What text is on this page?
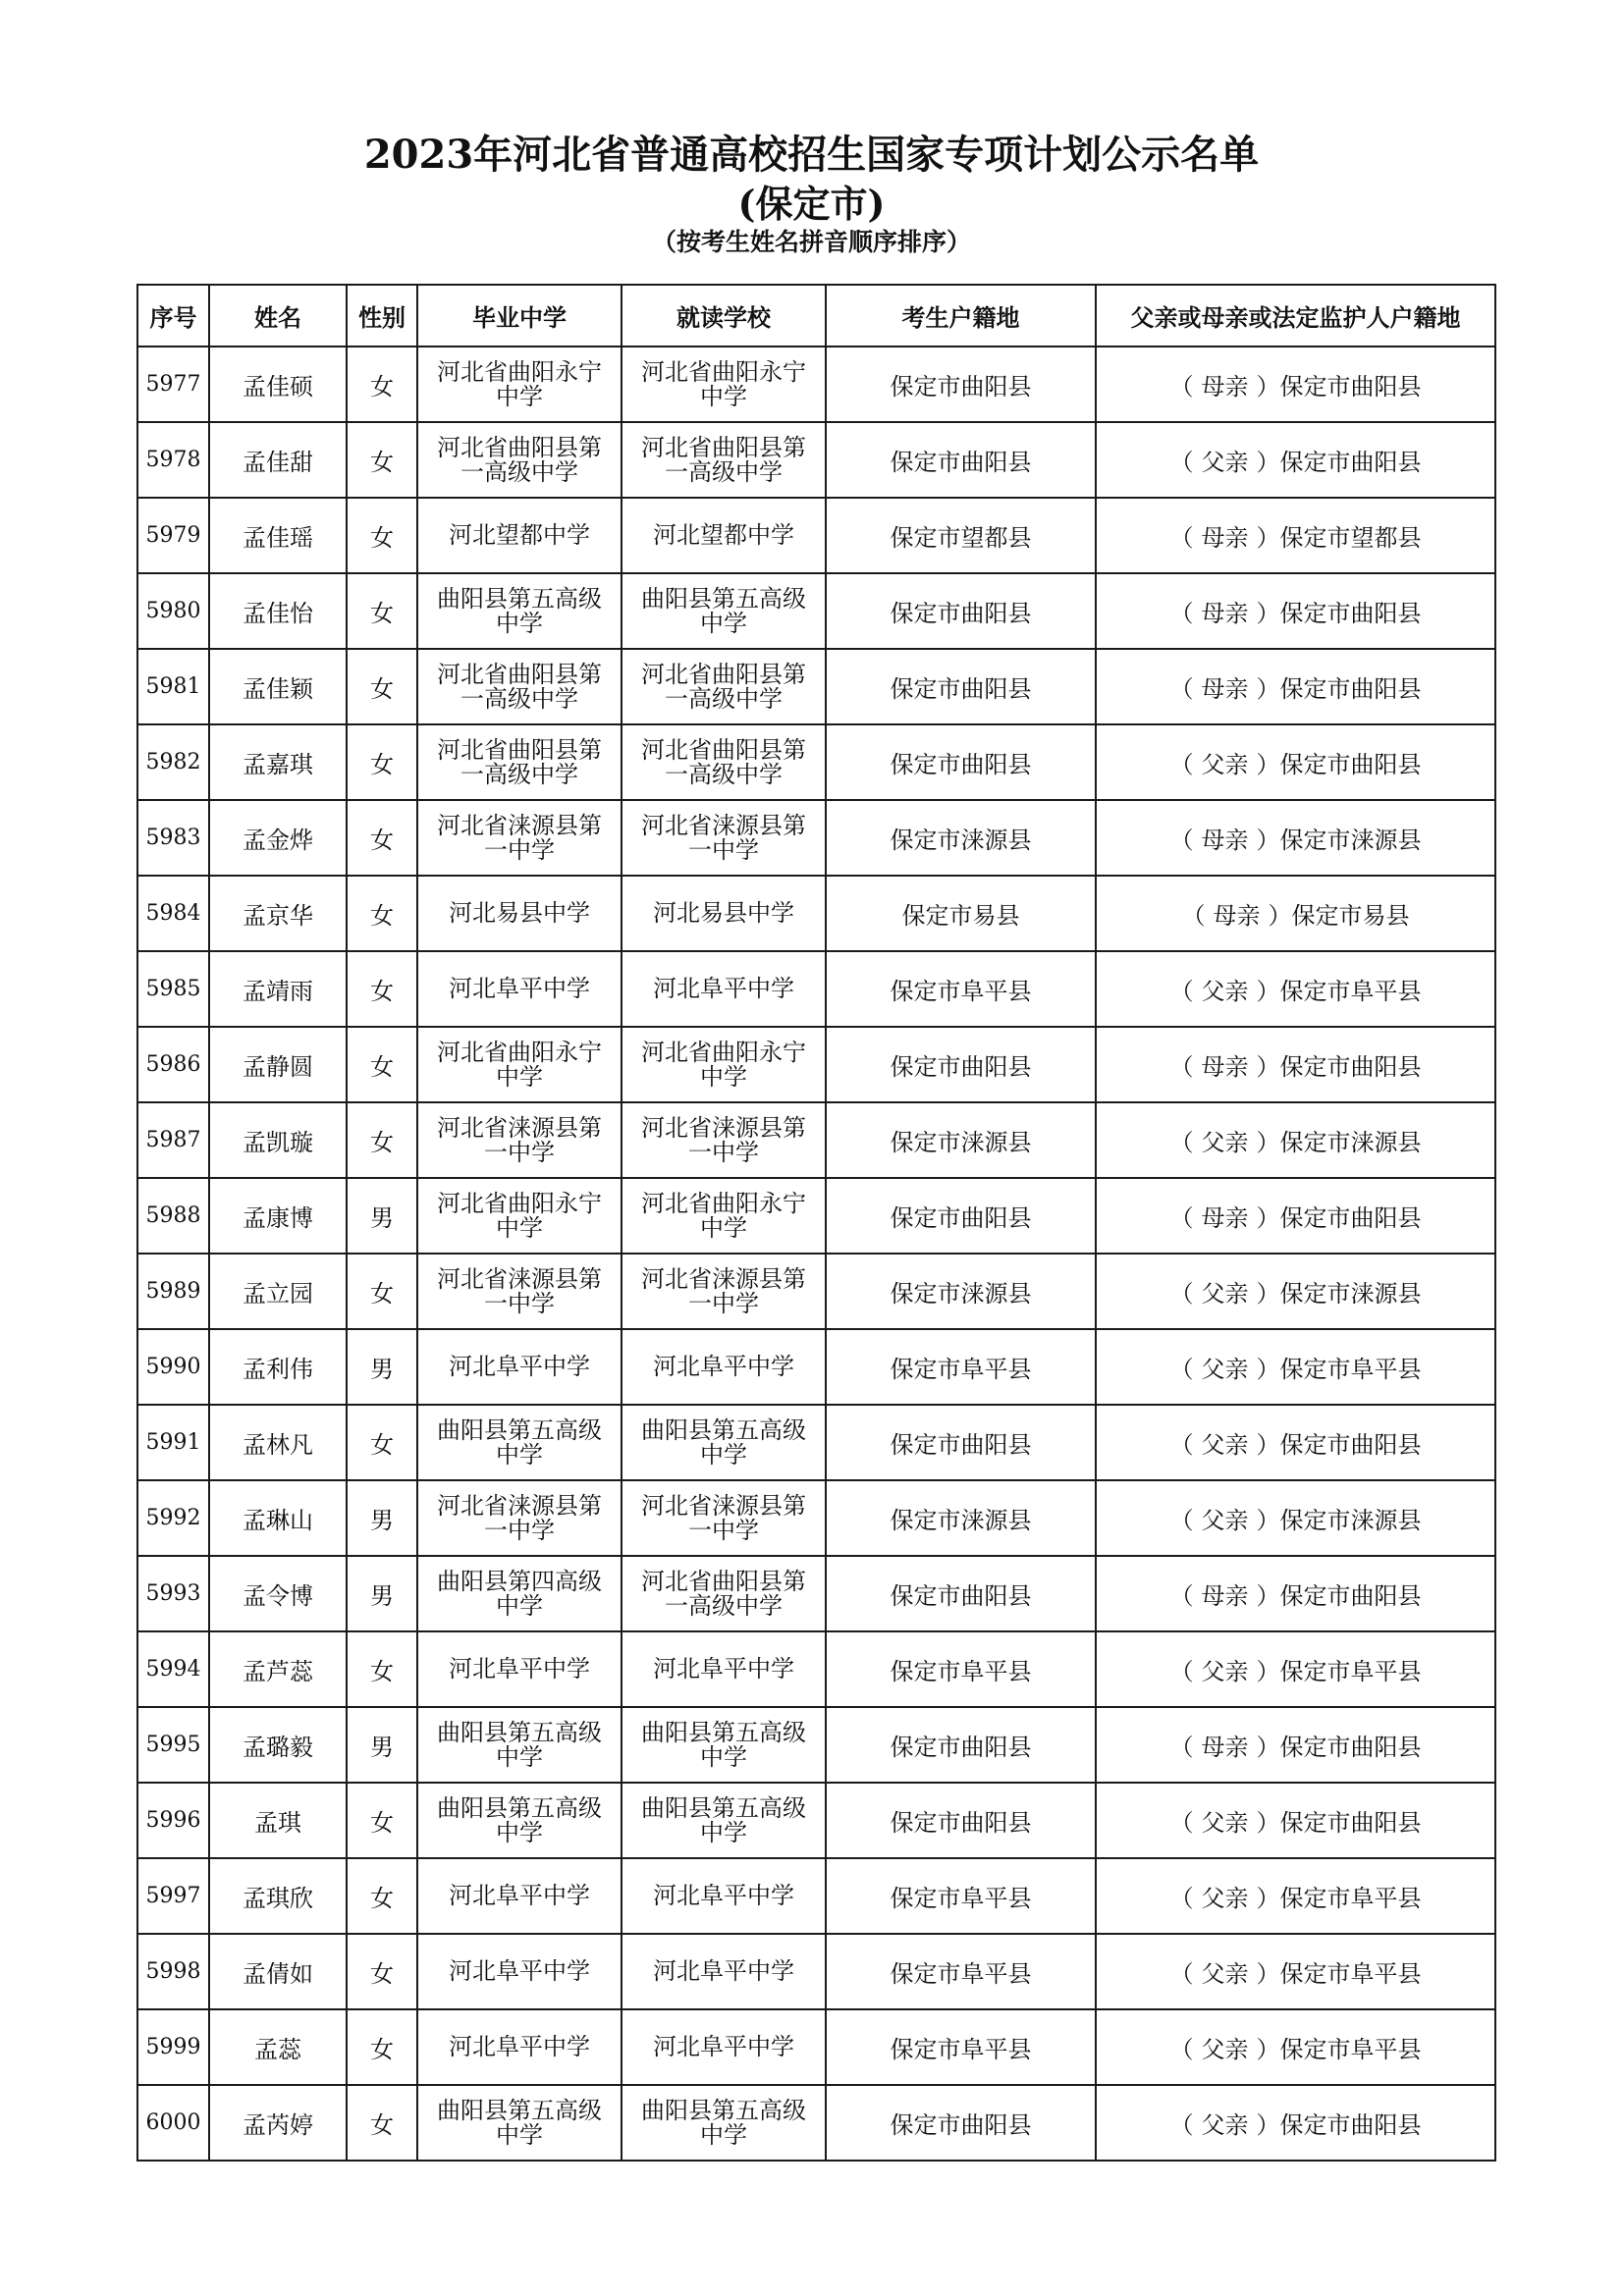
2023年河北省普通高校招生国家专项计划公示名单
(保定市)
（按考生姓名拼音顺序排序）
序号	姓名	性别	毕业中学	就读学校	考生户籍地	父亲或母亲或法定监护人户籍地
5977	孟佳硕	女	河北省曲阳永宁中学	河北省曲阳永宁中学	保定市曲阳县	（ 母亲 ）保定市曲阳县
5978	孟佳甜	女	河北省曲阳县第一高级中学	河北省曲阳县第一高级中学	保定市曲阳县	（ 父亲 ）保定市曲阳县
5979	孟佳瑶	女	河北望都中学	河北望都中学	保定市望都县	（ 母亲 ）保定市望都县
5980	孟佳怡	女	曲阳县第五高级中学	曲阳县第五高级中学	保定市曲阳县	（ 母亲 ）保定市曲阳县
5981	孟佳颖	女	河北省曲阳县第一高级中学	河北省曲阳县第一高级中学	保定市曲阳县	（ 母亲 ）保定市曲阳县
5982	孟嘉琪	女	河北省曲阳县第一高级中学	河北省曲阳县第一高级中学	保定市曲阳县	（ 父亲 ）保定市曲阳县
5983	孟金烨	女	河北省涞源县第一中学	河北省涞源县第一中学	保定市涞源县	（ 母亲 ）保定市涞源县
5984	孟京华	女	河北易县中学	河北易县中学	保定市易县	（ 母亲 ）保定市易县
5985	孟靖雨	女	河北阜平中学	河北阜平中学	保定市阜平县	（ 父亲 ）保定市阜平县
5986	孟静圆	女	河北省曲阳永宁中学	河北省曲阳永宁中学	保定市曲阳县	（ 母亲 ）保定市曲阳县
5987	孟凯璇	女	河北省涞源县第一中学	河北省涞源县第一中学	保定市涞源县	（ 父亲 ）保定市涞源县
5988	孟康博	男	河北省曲阳永宁中学	河北省曲阳永宁中学	保定市曲阳县	（ 母亲 ）保定市曲阳县
5989	孟立园	女	河北省涞源县第一中学	河北省涞源县第一中学	保定市涞源县	（ 父亲 ）保定市涞源县
5990	孟利伟	男	河北阜平中学	河北阜平中学	保定市阜平县	（ 父亲 ）保定市阜平县
5991	孟林凡	女	曲阳县第五高级中学	曲阳县第五高级中学	保定市曲阳县	（ 父亲 ）保定市曲阳县
5992	孟琳山	男	河北省涞源县第一中学	河北省涞源县第一中学	保定市涞源县	（ 父亲 ）保定市涞源县
5993	孟令博	男	曲阳县第四高级中学	河北省曲阳县第一高级中学	保定市曲阳县	（ 母亲 ）保定市曲阳县
5994	孟芦蕊	女	河北阜平中学	河北阜平中学	保定市阜平县	（ 父亲 ）保定市阜平县
5995	孟璐毅	男	曲阳县第五高级中学	曲阳县第五高级中学	保定市曲阳县	（ 母亲 ）保定市曲阳县
5996	孟琪	女	曲阳县第五高级中学	曲阳县第五高级中学	保定市曲阳县	（ 父亲 ）保定市曲阳县
5997	孟琪欣	女	河北阜平中学	河北阜平中学	保定市阜平县	（ 父亲 ）保定市阜平县
5998	孟倩如	女	河北阜平中学	河北阜平中学	保定市阜平县	（ 父亲 ）保定市阜平县
5999	孟蕊	女	河北阜平中学	河北阜平中学	保定市阜平县	（ 父亲 ）保定市阜平县
6000	孟芮婷	女	曲阳县第五高级中学	曲阳县第五高级中学	保定市曲阳县	（ 父亲 ）保定市曲阳县
